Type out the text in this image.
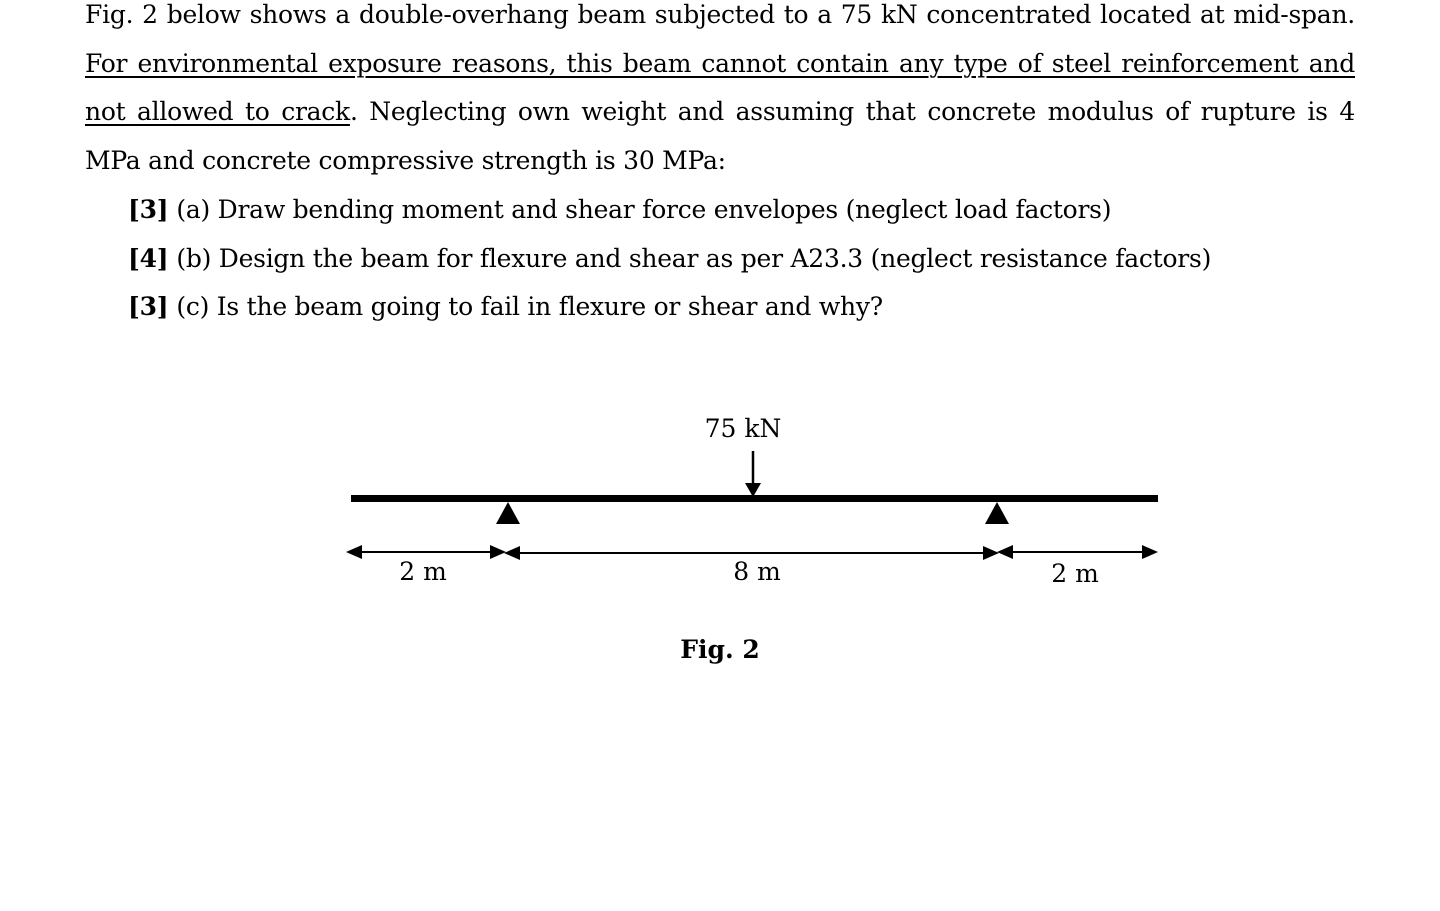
Fig. 2 below shows a double-overhang beam subjected to a 75 kN concentrated located at mid-span. For environmental exposure reasons, this beam cannot contain any type of steel reinforcement and not allowed to crack. Neglecting own weight and assuming that concrete modulus of rupture is 4 MPa and concrete compressive strength is 30 MPa:

[3] (a) Draw bending moment and shear force envelopes (neglect load factors)
[4] (b) Design the beam for flexure and shear as per A23.3 (neglect resistance factors)
[3] (c) Is the beam going to fail in flexure or shear and why?
75 kN
2 m	8 m	2 m
Fig. 2
